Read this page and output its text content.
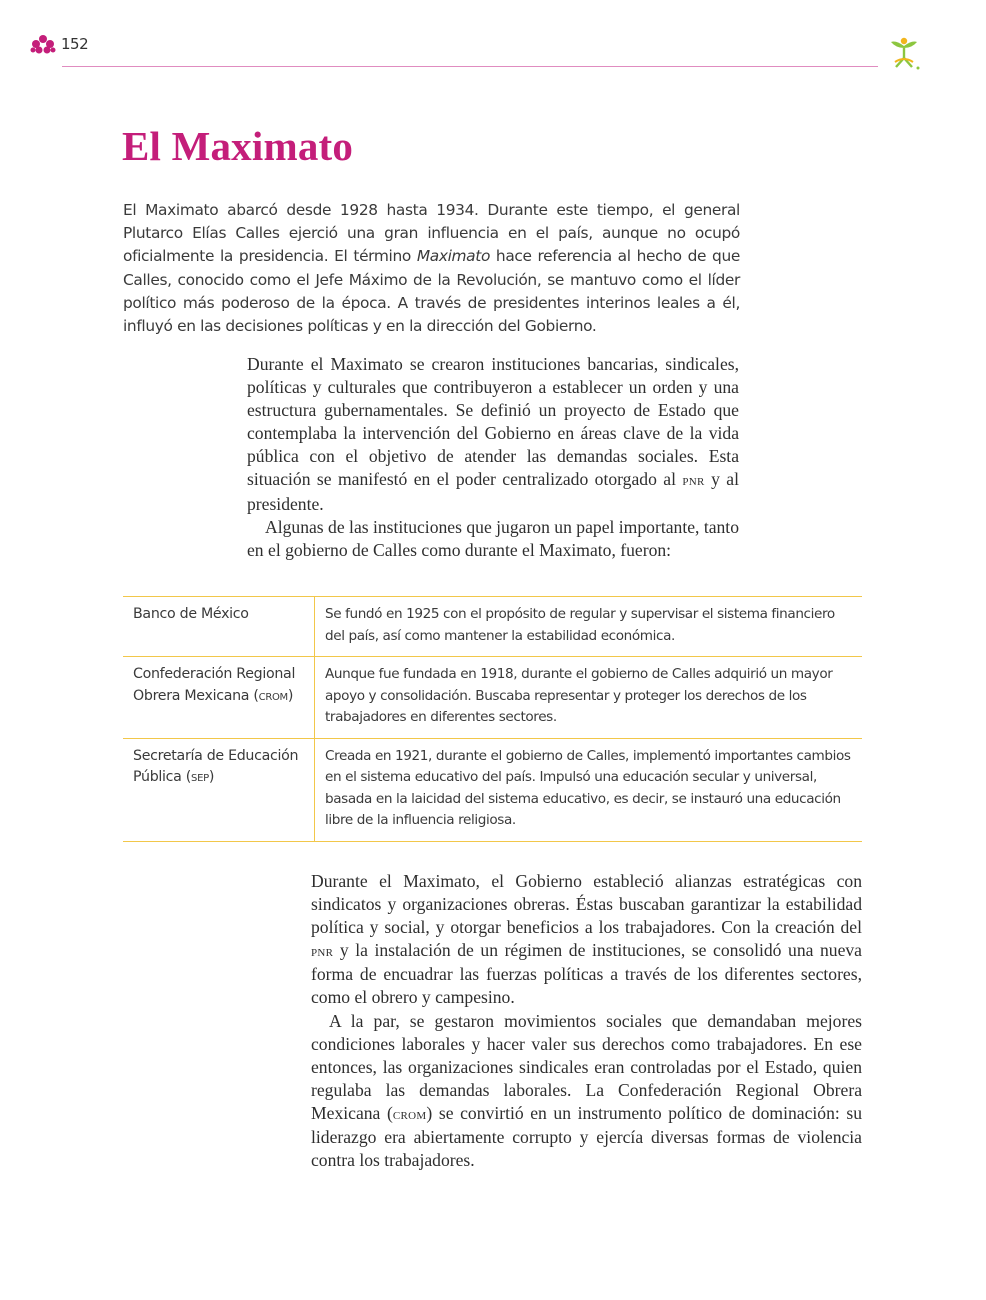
152
El Maximato

El Maximato abarcó desde 1928 hasta 1934. Durante este tiempo, el general Plutarco Elías Calles ejerció una gran influencia en el país, aunque no ocupó oficialmente la presidencia. El término Maximato hace referencia al hecho de que Calles, conocido como el Jefe Máximo de la Revolución, se mantuvo como el líder político más poderoso de la época. A través de presidentes interinos leales a él, influyó en las decisiones políticas y en la dirección del Gobierno.

Durante el Maximato se crearon instituciones bancarias, sindicales, políticas y culturales que contribuyeron a establecer un orden y una estructura gubernamentales. Se definió un proyecto de Estado que contemplaba la intervención del Gobierno en áreas clave de la vida pública con el objetivo de atender las demandas sociales. Esta situación se manifestó en el poder centralizado otorgado al pnr y al presidente.

Algunas de las instituciones que jugaron un papel importante, tanto en el gobierno de Calles como durante el Maximato, fueron:

Banco de México	Se fundó en 1925 con el propósito de regular y supervisar el sistema financiero del país, así como mantener la estabilidad económica.
Confederación Regional Obrera Mexicana (crom)	Aunque fue fundada en 1918, durante el gobierno de Calles adquirió un mayor apoyo y consolidación. Buscaba representar y proteger los derechos de los trabajadores en diferentes sectores.
Secretaría de Educación Pública (sep)	Creada en 1921, durante el gobierno de Calles, implementó importantes cambios en el sistema educativo del país. Impulsó una educación secular y universal, basada en la laicidad del sistema educativo, es decir, se instauró una educación libre de la influencia religiosa.

Durante el Maximato, el Gobierno estableció alianzas estratégicas con sindicatos y organizaciones obreras. Éstas buscaban garantizar la estabilidad política y social, y otorgar beneficios a los trabajadores. Con la creación del pnr y la instalación de un régimen de instituciones, se consolidó una nueva forma de encuadrar las fuerzas políticas a través de los diferentes sectores, como el obrero y campesino.

A la par, se gestaron movimientos sociales que demandaban mejores condiciones laborales y hacer valer sus derechos como trabajadores. En ese entonces, las organizaciones sindicales eran controladas por el Estado, quien regulaba las demandas laborales. La Confederación Regional Obrera Mexicana (crom) se convirtió en un instrumento político de dominación: su liderazgo era abiertamente corrupto y ejercía diversas formas de violencia contra los trabajadores.
